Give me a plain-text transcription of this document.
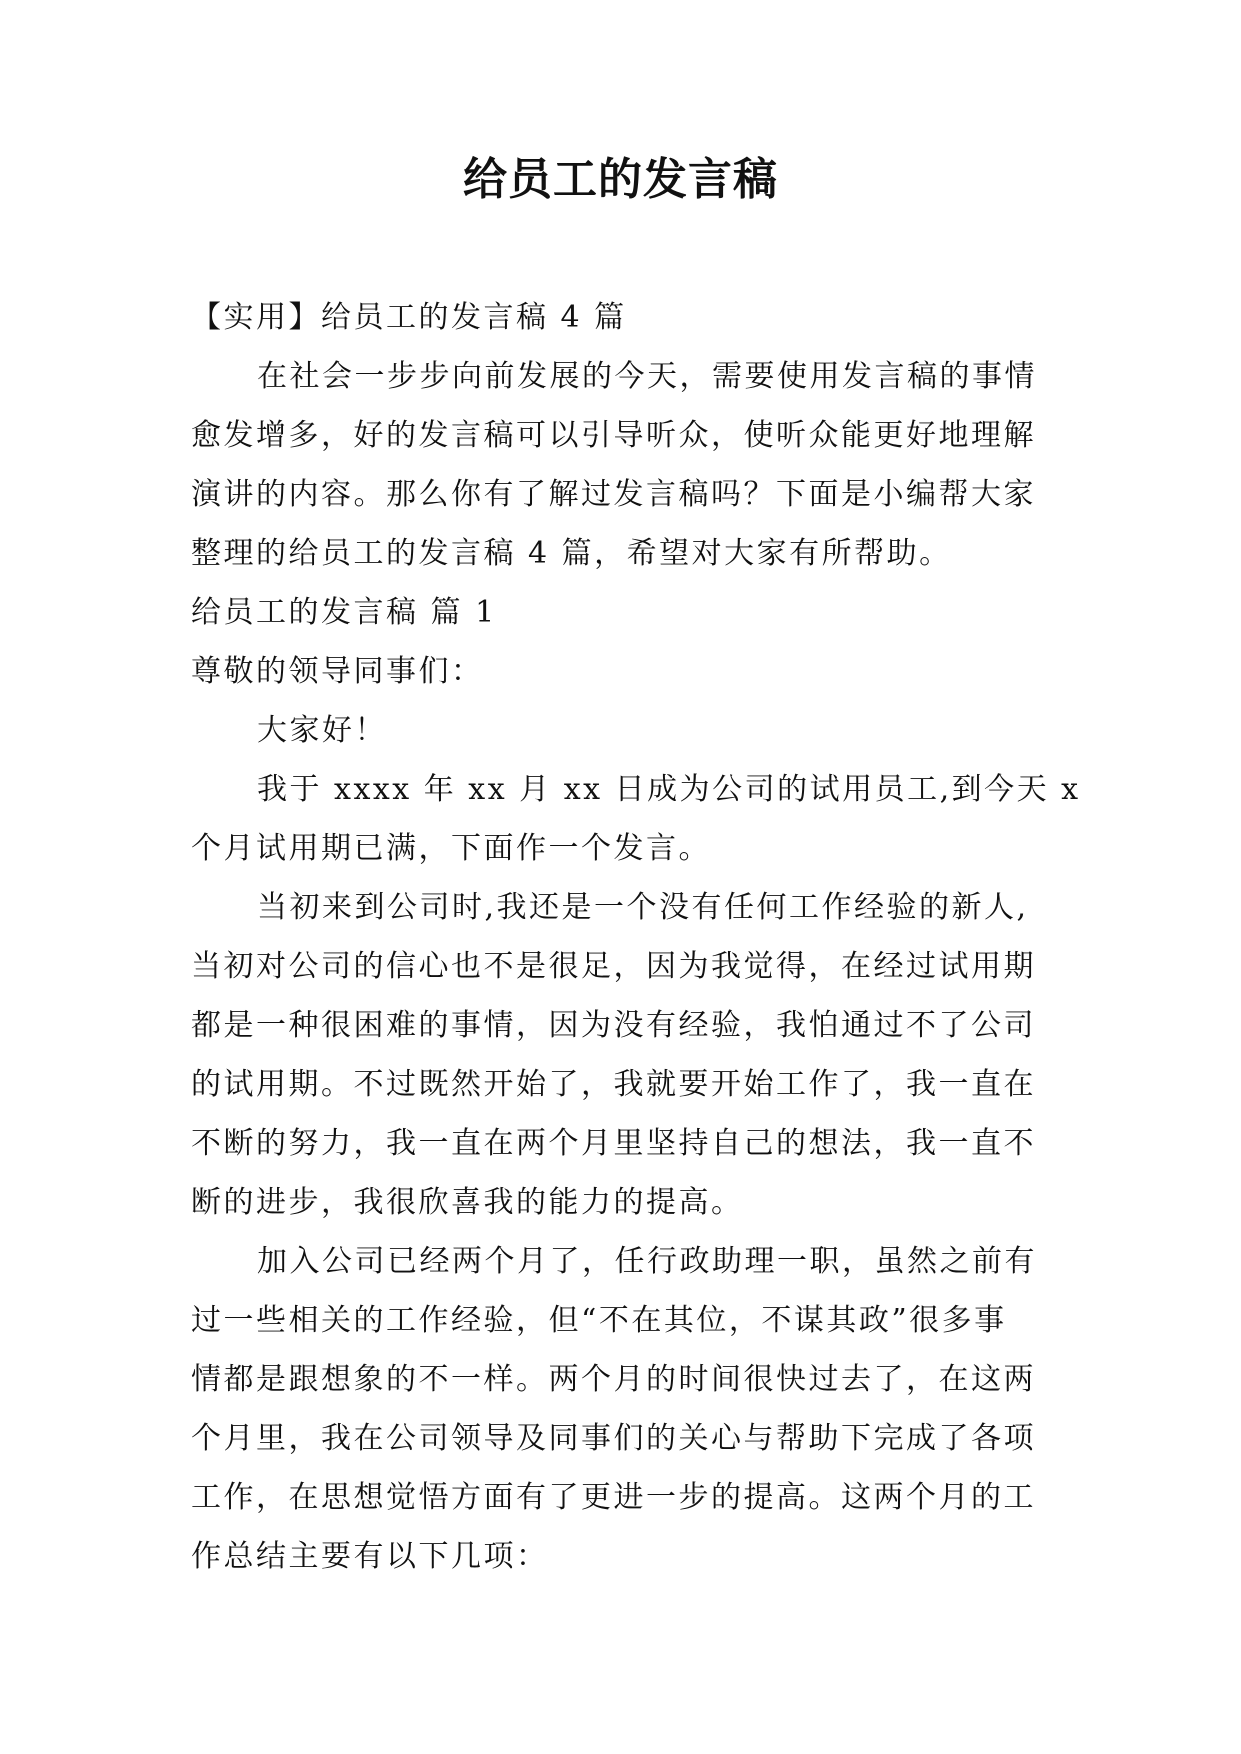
给员工的发言稿
【实用】给员工的发言稿 4 篇
在社会一步步向前发展的今天，需要使用发言稿的事情
愈发增多，好的发言稿可以引导听众，使听众能更好地理解
演讲的内容。那么你有了解过发言稿吗？下面是小编帮大家
整理的给员工的发言稿 4 篇，希望对大家有所帮助。
给员工的发言稿 篇 1
尊敬的领导同事们：
大家好！
我于 xxxx 年 xx 月 xx 日成为公司的试用员工,到今天 x
个月试用期已满，下面作一个发言。
当初来到公司时,我还是一个没有任何工作经验的新人,
当初对公司的信心也不是很足，因为我觉得，在经过试用期
都是一种很困难的事情，因为没有经验，我怕通过不了公司
的试用期。不过既然开始了，我就要开始工作了，我一直在
不断的努力，我一直在两个月里坚持自己的想法，我一直不
断的进步，我很欣喜我的能力的提高。
加入公司已经两个月了，任行政助理一职，虽然之前有
过一些相关的工作经验，但“不在其位，不谋其政”很多事
情都是跟想象的不一样。两个月的时间很快过去了，在这两
个月里，我在公司领导及同事们的关心与帮助下完成了各项
工作，在思想觉悟方面有了更进一步的提高。这两个月的工
作总结主要有以下几项：
